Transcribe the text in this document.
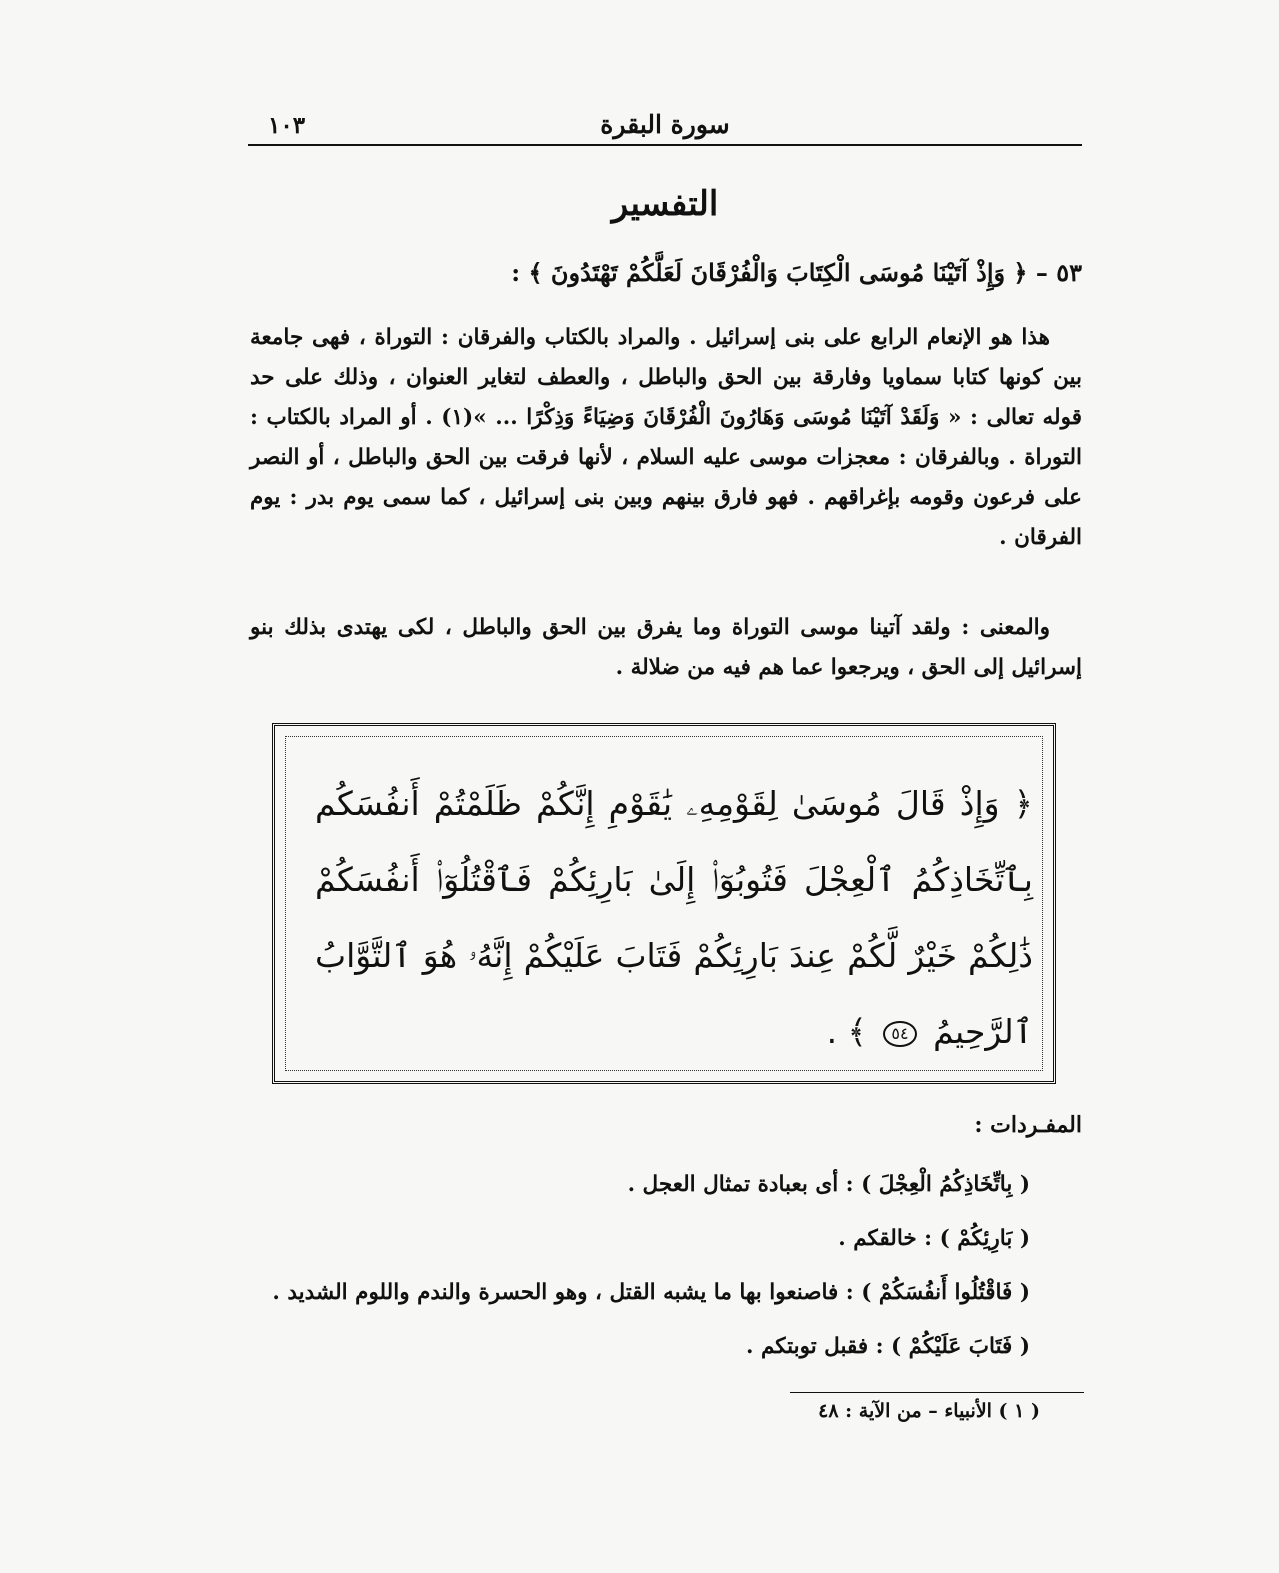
سورة البقرة
١٠٣
التفسير
٥٣ – ﴿ وَإِذْ آتَيْنَا مُوسَى الْكِتَابَ وَالْفُرْقَانَ لَعَلَّكُمْ تَهْتَدُونَ ﴾ :

هذا هو الإنعام الرابع على بنى إسرائيل . والمراد بالكتاب والفرقان : التوراة ، فهى جامعة بين كونها كتابا سماويا وفارقة بين الحق والباطل ، والعطف لتغاير العنوان ، وذلك على حد قوله تعالى : « وَلَقَدْ آتَيْنَا مُوسَى وَهَارُونَ الْفُرْقَانَ وَضِيَاءً وَذِكْرًا ... »(١) . أو المراد بالكتاب : التوراة . وبالفرقان : معجزات موسى عليه السلام ، لأنها فرقت بين الحق والباطل ، أو النصر على فرعون وقومه بإغراقهم . فهو فارق بينهم وبين بنى إسرائيل ، كما سمى يوم بدر : يوم الفرقان .

والمعنى : ولقد آتينا موسى التوراة وما يفرق بين الحق والباطل ، لكى يهتدى بذلك بنو إسرائيل إلى الحق ، ويرجعوا عما هم فيه من ضلالة .

﴿ وَإِذْ قَالَ مُوسَىٰ لِقَوْمِهِۦ يَٰقَوْمِ إِنَّكُمْ ظَلَمْتُمْ أَنفُسَكُم بِٱتِّخَاذِكُمُ ٱلْعِجْلَ فَتُوبُوٓا۟ إِلَىٰ بَارِئِكُمْ فَٱقْتُلُوٓا۟ أَنفُسَكُمْ ذَٰلِكُمْ خَيْرٌ لَّكُمْ عِندَ بَارِئِكُمْ فَتَابَ عَلَيْكُمْ إِنَّهُۥ هُوَ ٱلتَّوَّابُ ٱلرَّحِيمُ ٥٤ ﴾ .
المفـردات :
( بِاتِّخَاذِكُمُ الْعِجْلَ ) : أى بعبادة تمثال العجل .
( بَارِئِكُمْ ) : خالقكم .
( فَاقْتُلُوا أَنفُسَكُمْ ) : فاصنعوا بها ما يشبه القتل ، وهو الحسرة والندم واللوم الشديد .
( فَتَابَ عَلَيْكُمْ ) : فقبل توبتكم .
( ١ ) الأنبياء – من الآية : ٤٨
